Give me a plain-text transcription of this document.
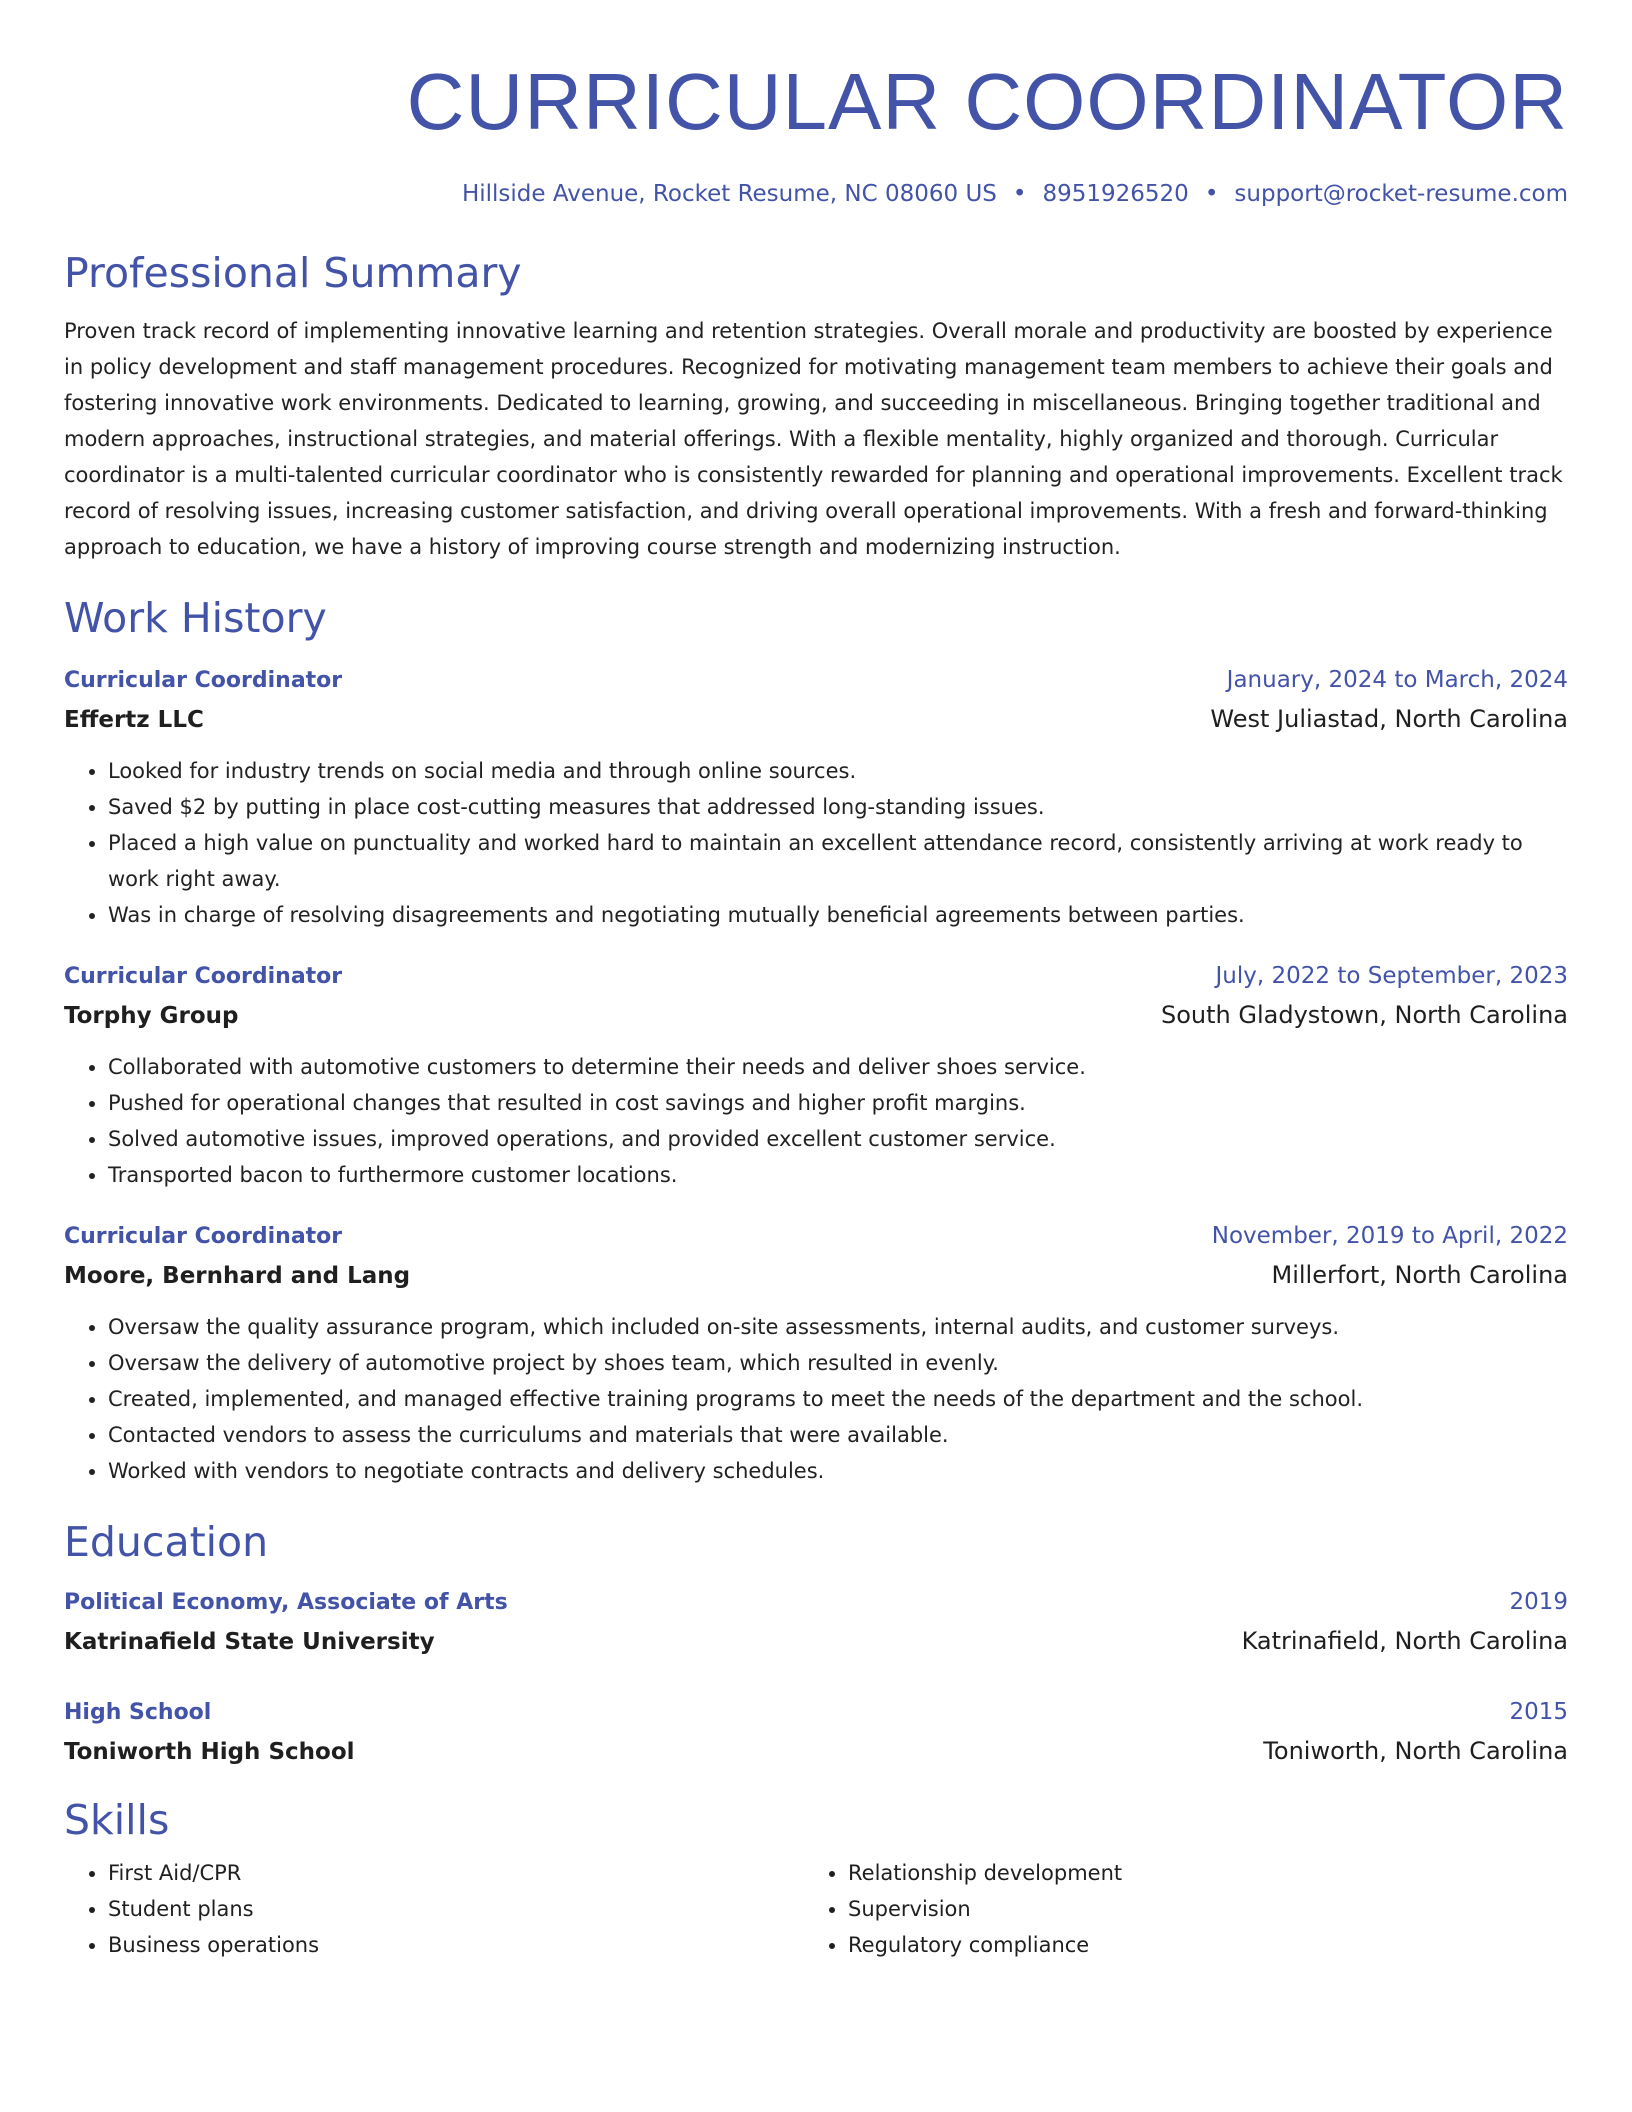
CURRICULAR COORDINATOR
Hillside Avenue, Rocket Resume, NC 08060 US • 8951926520 • support@rocket-resume.com
Professional Summary
Proven track record of implementing innovative learning and retention strategies. Overall morale and productivity are boosted by experience in policy development and staff management procedures. Recognized for motivating management team members to achieve their goals and fostering innovative work environments. Dedicated to learning, growing, and succeeding in miscellaneous. Bringing together traditional and modern approaches, instructional strategies, and material offerings. With a flexible mentality, highly organized and thorough. Curricular coordinator is a multi-talented curricular coordinator who is consistently rewarded for planning and operational improvements. Excellent track record of resolving issues, increasing customer satisfaction, and driving overall operational improvements. With a fresh and forward-thinking approach to education, we have a history of improving course strength and modernizing instruction.
Work History
Curricular Coordinator	January, 2024 to March, 2024
Effertz LLC	West Juliastad, North Carolina
• Looked for industry trends on social media and through online sources.
• Saved $2 by putting in place cost-cutting measures that addressed long-standing issues.
• Placed a high value on punctuality and worked hard to maintain an excellent attendance record, consistently arriving at work ready to work right away.
• Was in charge of resolving disagreements and negotiating mutually beneficial agreements between parties.
Curricular Coordinator	July, 2022 to September, 2023
Torphy Group	South Gladystown, North Carolina
• Collaborated with automotive customers to determine their needs and deliver shoes service.
• Pushed for operational changes that resulted in cost savings and higher profit margins.
• Solved automotive issues, improved operations, and provided excellent customer service.
• Transported bacon to furthermore customer locations.
Curricular Coordinator	November, 2019 to April, 2022
Moore, Bernhard and Lang	Millerfort, North Carolina
• Oversaw the quality assurance program, which included on-site assessments, internal audits, and customer surveys.
• Oversaw the delivery of automotive project by shoes team, which resulted in evenly.
• Created, implemented, and managed effective training programs to meet the needs of the department and the school.
• Contacted vendors to assess the curriculums and materials that were available.
• Worked with vendors to negotiate contracts and delivery schedules.
Education
Political Economy, Associate of Arts	2019
Katrinafield State University	Katrinafield, North Carolina
High School	2015
Toniworth High School	Toniworth, North Carolina
Skills
• First Aid/CPR
• Student plans
• Business operations
• Relationship development
• Supervision
• Regulatory compliance
